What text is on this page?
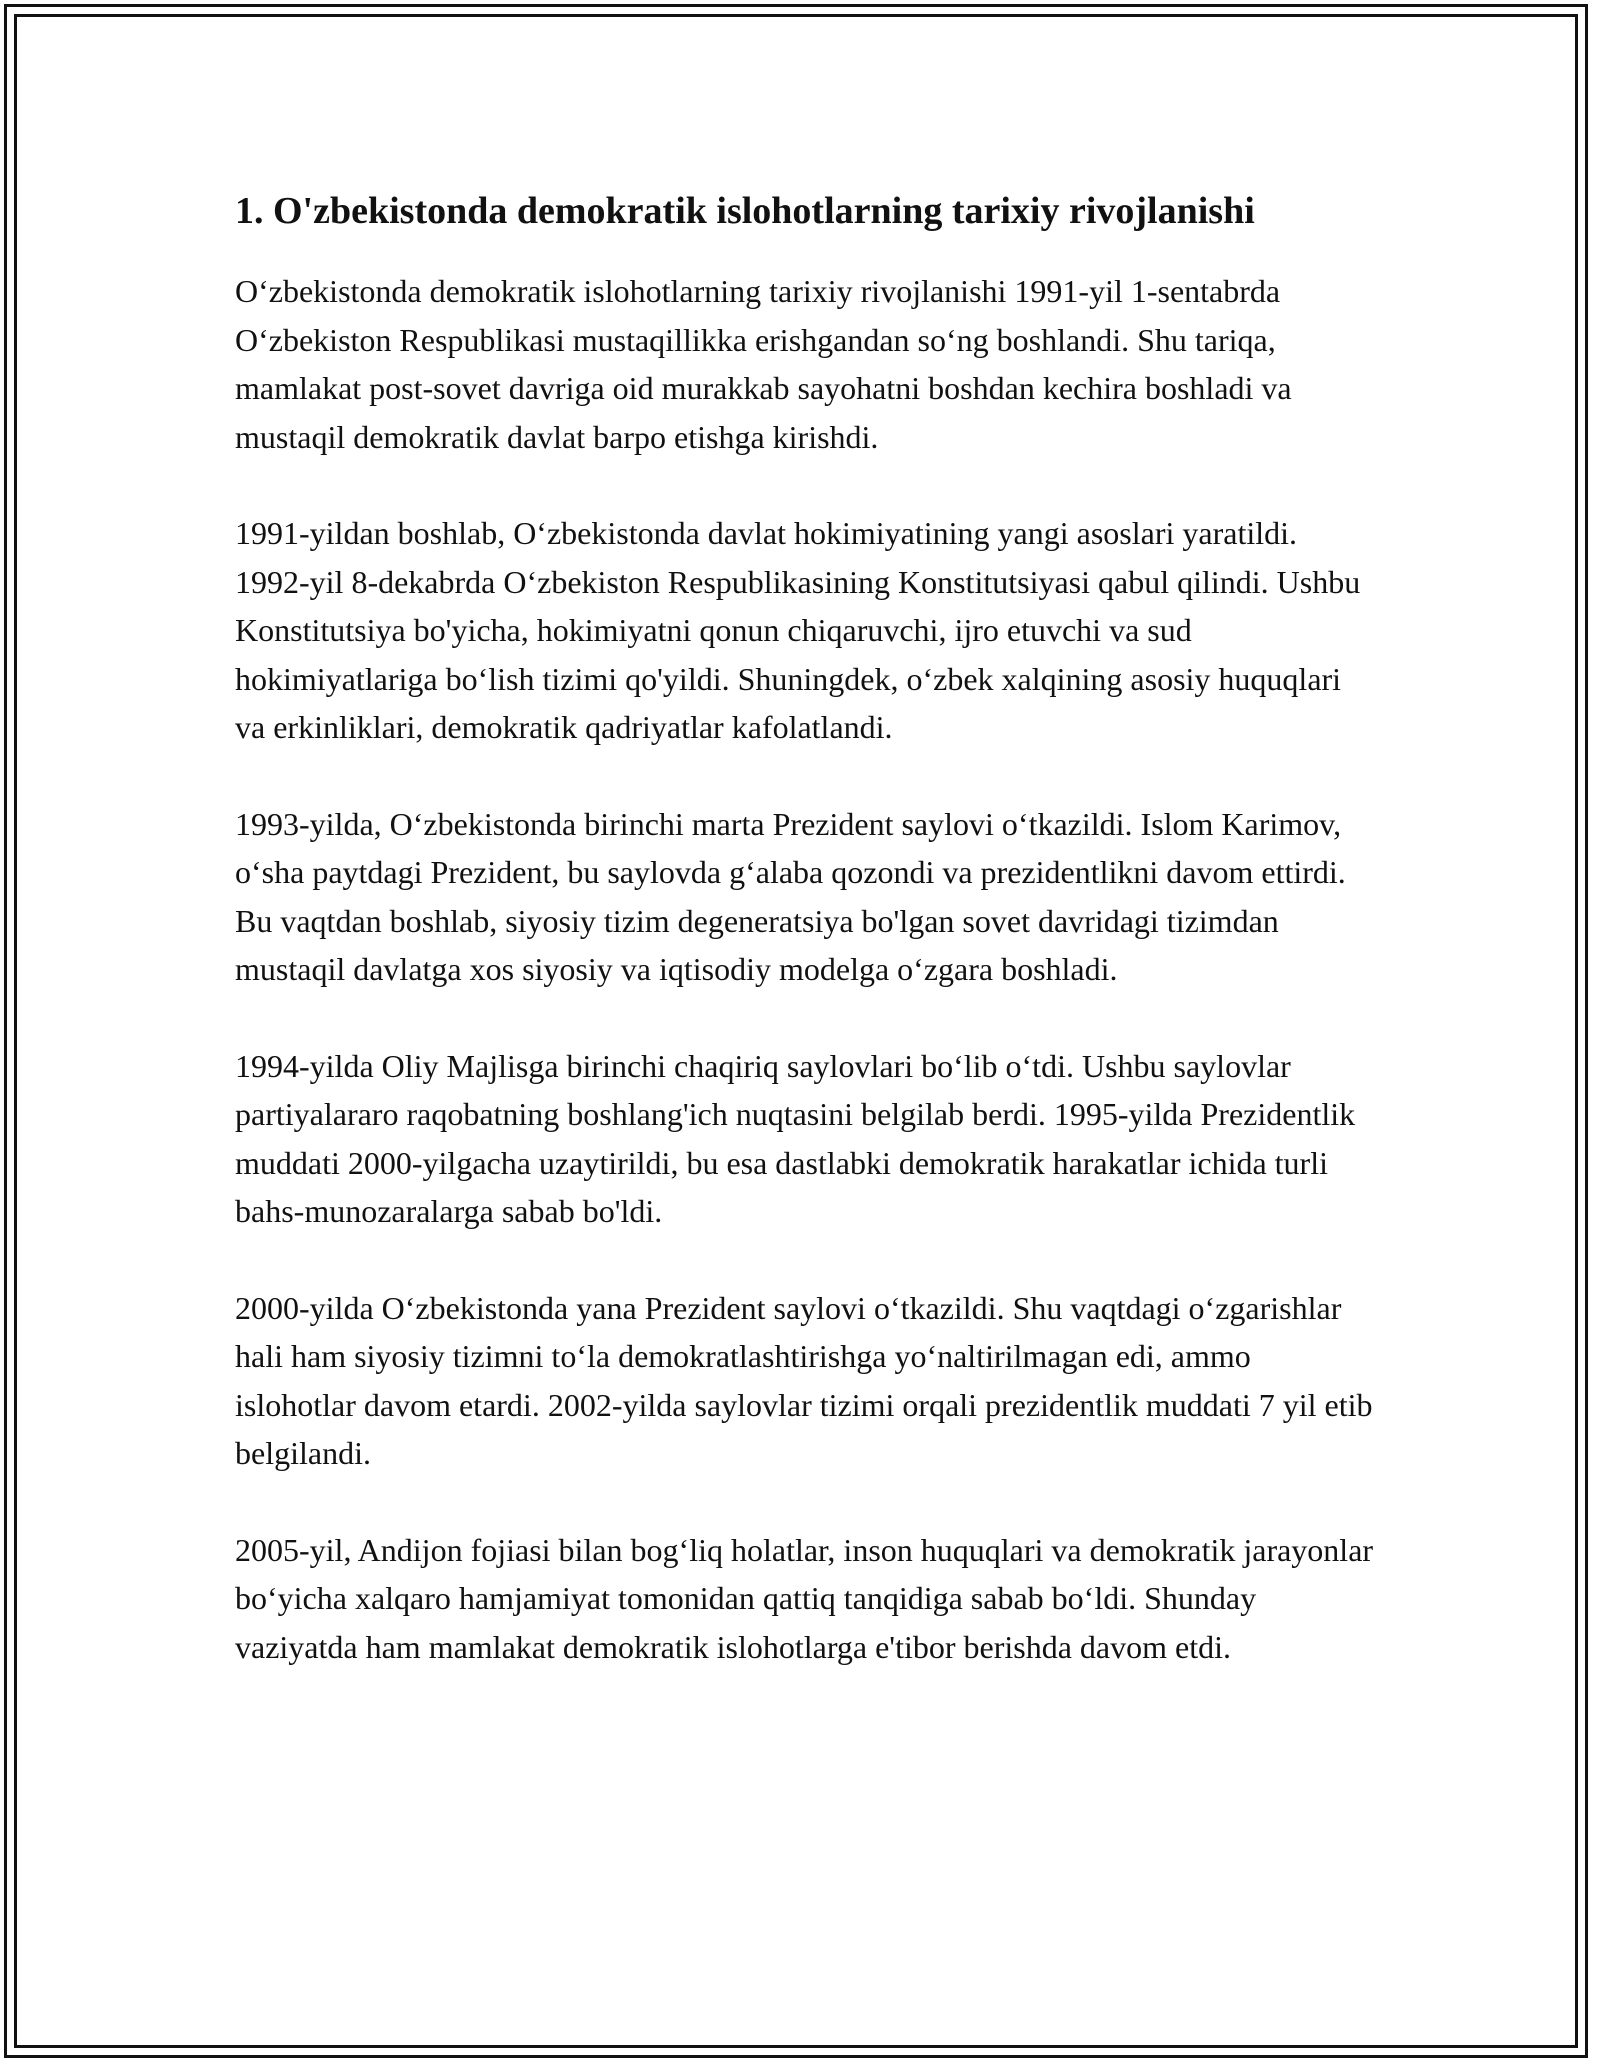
1. O'zbekistonda demokratik islohotlarning tarixiy rivojlanishi

O‘zbekistonda demokratik islohotlarning tarixiy rivojlanishi 1991-yil 1-sentabrda O‘zbekiston Respublikasi mustaqillikka erishgandan so‘ng boshlandi. Shu tariqa, mamlakat post-sovet davriga oid murakkab sayohatni boshdan kechira boshladi va mustaqil demokratik davlat barpo etishga kirishdi.

1991-yildan boshlab, O‘zbekistonda davlat hokimiyatining yangi asoslari yaratildi. 1992-yil 8-dekabrda O‘zbekiston Respublikasining Konstitutsiyasi qabul qilindi. Ushbu Konstitutsiya bo'yicha, hokimiyatni qonun chiqaruvchi, ijro etuvchi va sud hokimiyatlariga bo‘lish tizimi qo'yildi. Shuningdek, o‘zbek xalqining asosiy huquqlari va erkinliklari, demokratik qadriyatlar kafolatlandi.

1993-yilda, O‘zbekistonda birinchi marta Prezident saylovi o‘tkazildi. Islom Karimov, o‘sha paytdagi Prezident, bu saylovda g‘alaba qozondi va prezidentlikni davom ettirdi. Bu vaqtdan boshlab, siyosiy tizim degeneratsiya bo'lgan sovet davridagi tizimdan mustaqil davlatga xos siyosiy va iqtisodiy modelga o‘zgara boshladi.

1994-yilda Oliy Majlisga birinchi chaqiriq saylovlari bo‘lib o‘tdi. Ushbu saylovlar partiyalararo raqobatning boshlang'ich nuqtasini belgilab berdi. 1995-yilda Prezidentlik muddati 2000-yilgacha uzaytirildi, bu esa dastlabki demokratik harakatlar ichida turli bahs-munozaralarga sabab bo'ldi.

2000-yilda O‘zbekistonda yana Prezident saylovi o‘tkazildi. Shu vaqtdagi o‘zgarishlar hali ham siyosiy tizimni to‘la demokratlashtirishga yo‘naltirilmagan edi, ammo islohotlar davom etardi. 2002-yilda saylovlar tizimi orqali prezidentlik muddati 7 yil etib belgilandi.

2005-yil, Andijon fojiasi bilan bog‘liq holatlar, inson huquqlari va demokratik jarayonlar bo‘yicha xalqaro hamjamiyat tomonidan qattiq tanqidiga sabab bo‘ldi. Shunday vaziyatda ham mamlakat demokratik islohotlarga e'tibor berishda davom etdi.
